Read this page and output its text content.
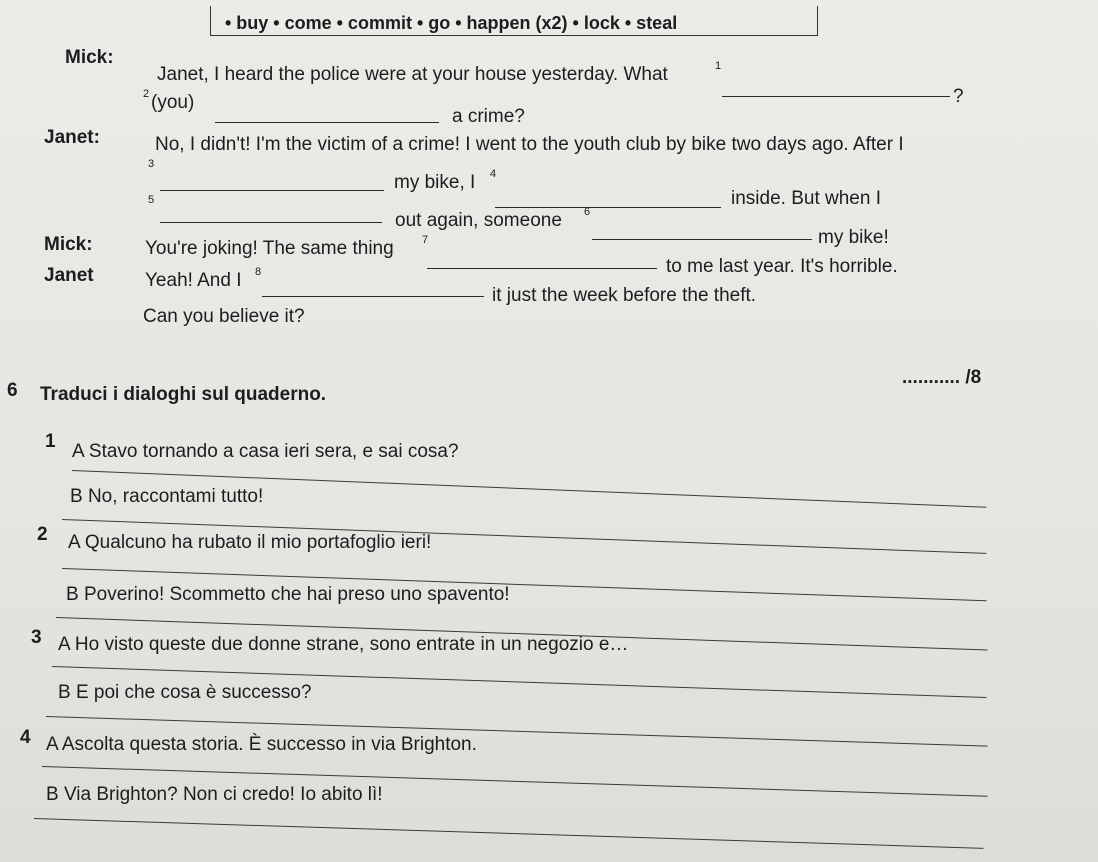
• buy • come • commit • go • happen (x2) • lock • steal
Mick:
Janet, I heard the police were at your house yesterday. What	1
?
2 (you)
a crime?
Janet:	No, I didn't! I'm the victim of a crime! I went to the youth club by bike two days ago. After I
3
my bike, I 4
inside. But when I
5
out again, someone 6
my bike!
Mick:	You're joking! The same thing	7
to me last year. It's horrible.
Janet	Yeah! And I 8
it just the week before the theft.
Can you believe it?
........... /8
6 Traduci i dialoghi sul quaderno.
1 A Stavo tornando a casa ieri sera, e sai cosa?
B No, raccontami tutto!
2 A Qualcuno ha rubato il mio portafoglio ieri!
B Poverino! Scommetto che hai preso uno spavento!
3 A Ho visto queste due donne strane, sono entrate in un negozio e…
B E poi che cosa è successo?
4 A Ascolta questa storia. È successo in via Brighton.
B Via Brighton? Non ci credo! Io abito lì!
